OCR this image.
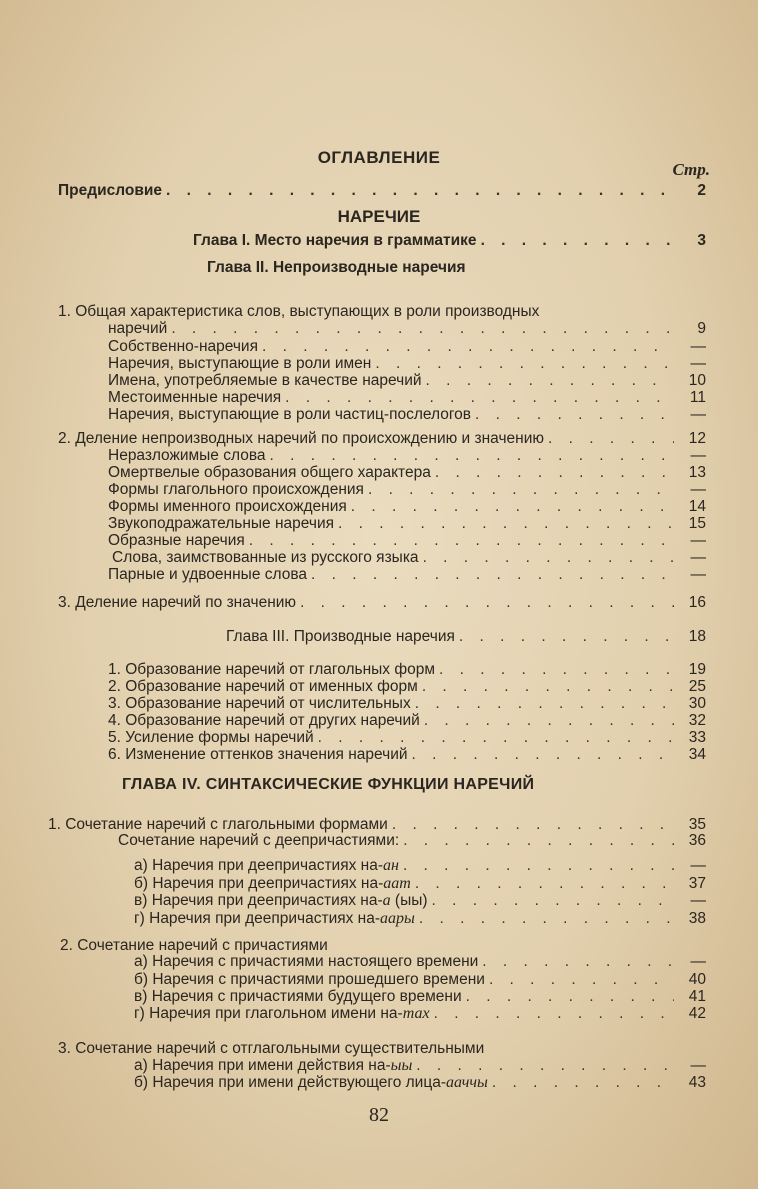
ОГЛАВЛЕНИЕ
Стр.
НАРЕЧИЕ
ГЛАВА IV. СИНТАКСИЧЕСКИЕ ФУНКЦИИ НАРЕЧИЙ
Предисловие . . .	2
Глава I. Место наречия в грамматике . . .	3
Глава II. Непроизводные наречия
1. Общая характеристика слов, выступающих в роли производных
наречий . . .	9
Собственно-наречия . . .	—
Наречия, выступающие в роли имен . . .	—
Имена, употребляемые в качестве наречий . . .	10
Местоименные наречия . . .	11
Наречия, выступающие в роли частиц-послелогов . . .	—
2. Деление непроизводных наречий по происхождению и значению . . .	12
Неразложимые слова . . .	—
Омертвелые образования общего характера . . .	13
Формы глагольного происхождения . . .	—
Формы именного происхождения . . .	14
Звукоподражательные наречия . . .	15
Образные наречия . . .	—
Слова, заимствованные из русского языка . . .	—
Парные и удвоенные слова . . .	—
3. Деление наречий по значению . . .	16
Глава III. Производные наречия . . .	18
1. Образование наречий от глагольных форм . . .	19
2. Образование наречий от именных форм . . .	25
3. Образование наречий от числительных . . .	30
4. Образование наречий от других наречий . . .	32
5. Усиление формы наречий . . .	33
6. Изменение оттенков значения наречий . . .	34
1. Сочетание наречий с глагольными формами . . .	35
Сочетание наречий с деепричастиями: . . .	36
а) Наречия при деепричастиях на-ан . . .	—
б) Наречия при деепричастиях на-аат . . .	37
в) Наречия при деепричастиях на-а (ыы) . . .	—
г) Наречия при деепричастиях на-аары . . .	38
2. Сочетание наречий с причастиями
а) Наречия с причастиями настоящего времени . . .	—
б) Наречия с причастиями прошедшего времени . . .	40
в) Наречия с причастиями будущего времени . . .	41
г) Наречия при глагольном имени на-тах . . .	42
3. Сочетание наречий с отглагольными существительными
а) Наречия при имени действия на-ыы . . .	—
б) Наречия при имени действующего лица-ааччы . . .	43
82
